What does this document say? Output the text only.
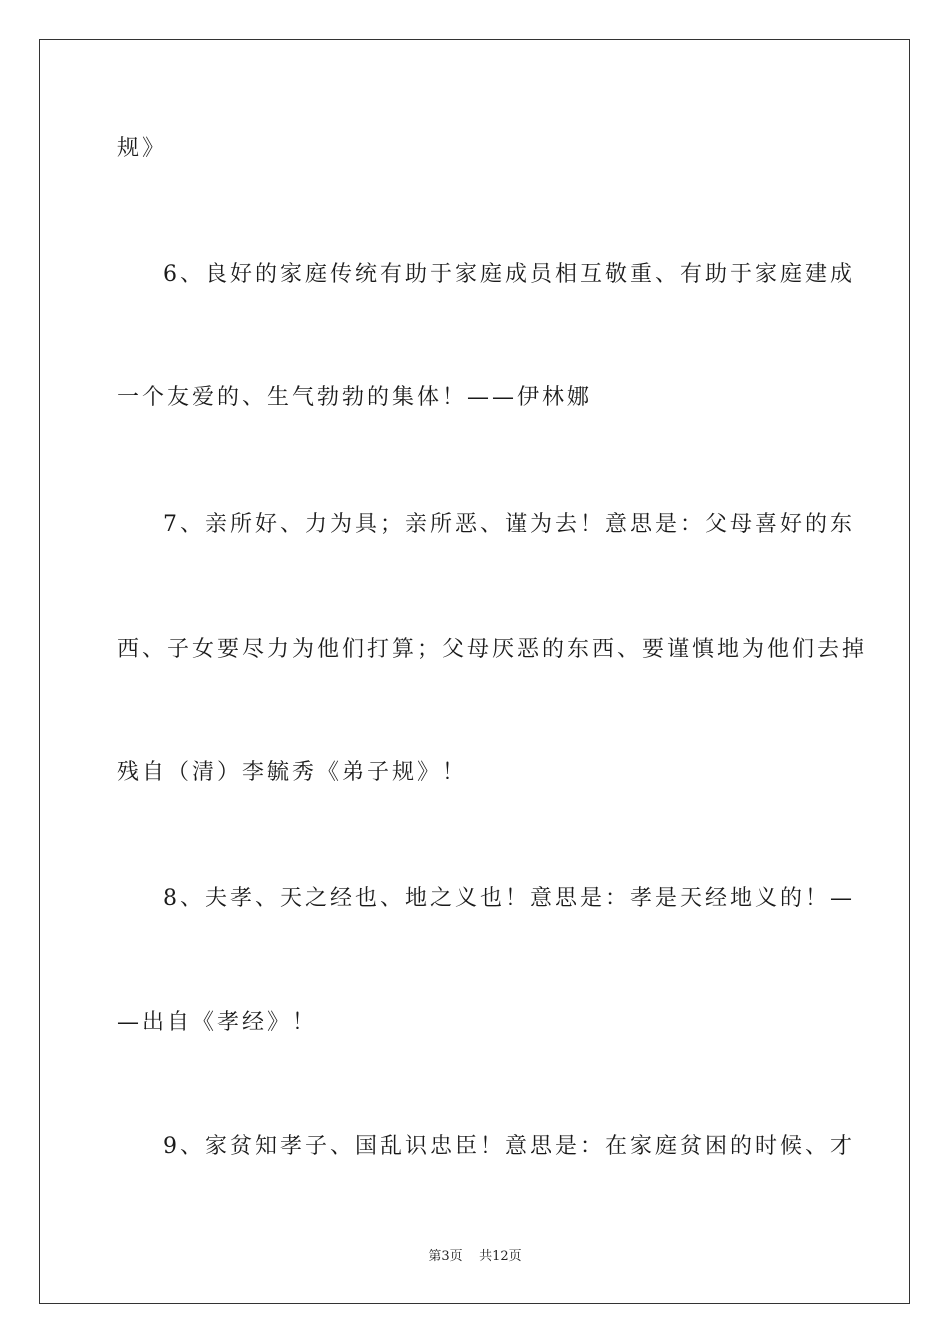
规》
6、良好的家庭传统有助于家庭成员相互敬重、有助于家庭建成
一个友爱的、生气勃勃的集体！——伊林娜
7、亲所好、力为具；亲所恶、谨为去！意思是：父母喜好的东
西、子女要尽力为他们打算；父母厌恶的东西、要谨慎地为他们去掉
残自（清）李毓秀《弟子规》！
8、夫孝、天之经也、地之义也！意思是：孝是天经地义的！—
—出自《孝经》！
9、家贫知孝子、国乱识忠臣！意思是：在家庭贫困的时候、才
第3页 共12页
